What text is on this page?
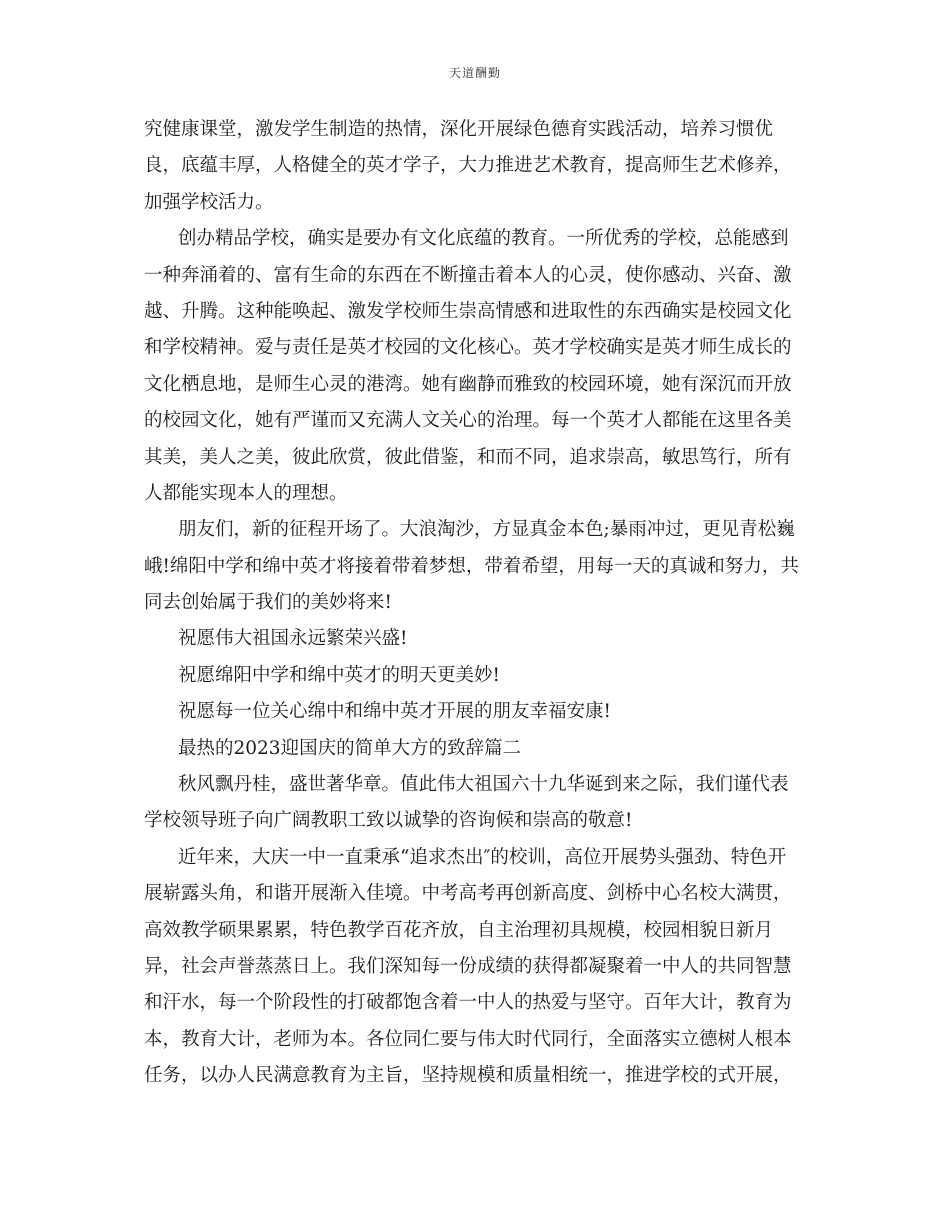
天道酬勤
究健康课堂，激发学生制造的热情，深化开展绿色德育实践活动，培养习惯优
良，底蕴丰厚，人格健全的英才学子，大力推进艺术教育，提高师生艺术修养，
加强学校活力。
创办精品学校，确实是要办有文化底蕴的教育。一所优秀的学校，总能感到
一种奔涌着的、富有生命的东西在不断撞击着本人的心灵，使你感动、兴奋、激
越、升腾。这种能唤起、激发学校师生崇高情感和进取性的东西确实是校园文化
和学校精神。爱与责任是英才校园的文化核心。英才学校确实是英才师生成长的
文化栖息地，是师生心灵的港湾。她有幽静而雅致的校园环境，她有深沉而开放
的校园文化，她有严谨而又充满人文关心的治理。每一个英才人都能在这里各美
其美，美人之美，彼此欣赏，彼此借鉴，和而不同，追求崇高，敏思笃行，所有
人都能实现本人的理想。
朋友们，新的征程开场了。大浪淘沙，方显真金本色;暴雨冲过，更见青松巍
峨!绵阳中学和绵中英才将接着带着梦想，带着希望，用每一天的真诚和努力，共
同去创始属于我们的美妙将来!
祝愿伟大祖国永远繁荣兴盛!
祝愿绵阳中学和绵中英才的明天更美妙!
祝愿每一位关心绵中和绵中英才开展的朋友幸福安康!
最热的2023迎国庆的简单大方的致辞篇二
秋风飘丹桂，盛世著华章。值此伟大祖国六十九华诞到来之际，我们谨代表
学校领导班子向广阔教职工致以诚挚的咨询候和崇高的敬意!
近年来，大庆一中一直秉承“追求杰出″的校训，高位开展势头强劲、特色开
展崭露头角，和谐开展渐入佳境。中考高考再创新高度、剑桥中心名校大满贯，
高效教学硕果累累，特色教学百花齐放，自主治理初具规模，校园相貌日新月
异，社会声誉蒸蒸日上。我们深知每一份成绩的获得都凝聚着一中人的共同智慧
和汗水，每一个阶段性的打破都饱含着一中人的热爱与坚守。百年大计，教育为
本，教育大计，老师为本。各位同仁要与伟大时代同行，全面落实立德树人根本
任务，以办人民满意教育为主旨，坚持规模和质量相统一，推进学校的式开展，
